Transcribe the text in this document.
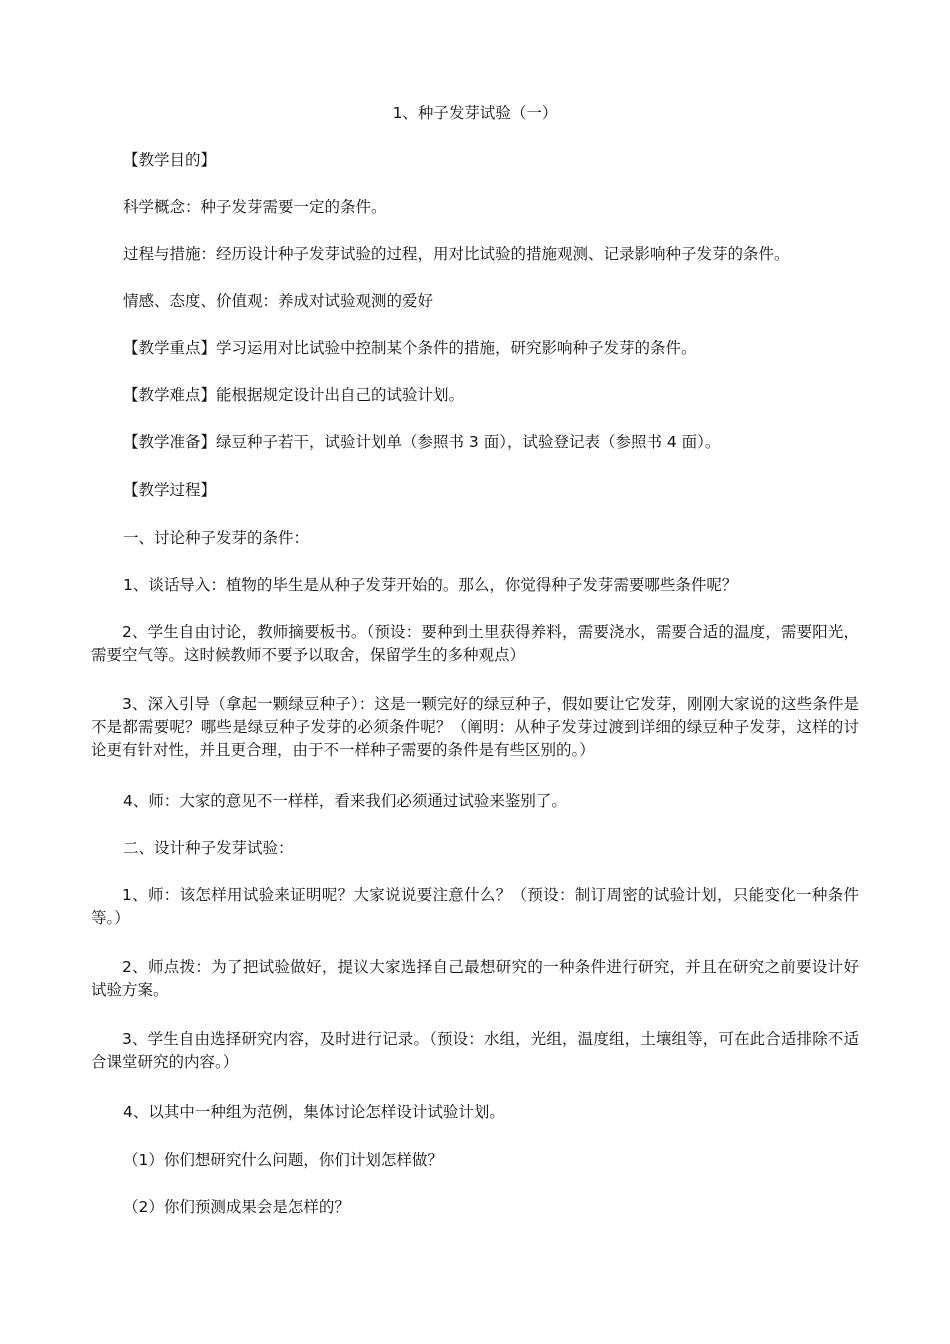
1、种子发芽试验（一）

【教学目的】

科学概念：种子发芽需要一定的条件。

过程与措施：经历设计种子发芽试验的过程，用对比试验的措施观测、记录影响种子发芽的条件。

情感、态度、价值观：养成对试验观测的爱好

【教学重点】学习运用对比试验中控制某个条件的措施，研究影响种子发芽的条件。

【教学难点】能根据规定设计出自己的试验计划。

【教学准备】绿豆种子若干，试验计划单（参照书 3 面），试验登记表（参照书 4 面）。

【教学过程】

一、讨论种子发芽的条件：

1、谈话导入：植物的毕生是从种子发芽开始的。那么，你觉得种子发芽需要哪些条件呢？

2、学生自由讨论，教师摘要板书。（预设：要种到土里获得养料，需要浇水，需要合适的温度，需要阳光，需要空气等。这时候教师不要予以取舍，保留学生的多种观点）

3、深入引导（拿起一颗绿豆种子）：这是一颗完好的绿豆种子，假如要让它发芽，刚刚大家说的这些条件是不是都需要呢？哪些是绿豆种子发芽的必须条件呢？（阐明：从种子发芽过渡到详细的绿豆种子发芽，这样的讨论更有针对性，并且更合理，由于不一样种子需要的条件是有些区别的。）

4、师：大家的意见不一样样，看来我们必须通过试验来鉴别了。

二、设计种子发芽试验：

1、师：该怎样用试验来证明呢？大家说说要注意什么？（预设：制订周密的试验计划，只能变化一种条件等。）

2、师点拨：为了把试验做好，提议大家选择自己最想研究的一种条件进行研究，并且在研究之前要设计好试验方案。

3、学生自由选择研究内容，及时进行记录。（预设：水组，光组，温度组，土壤组等，可在此合适排除不适合课堂研究的内容。）

4、以其中一种组为范例，集体讨论怎样设计试验计划。

（1）你们想研究什么问题，你们计划怎样做？

（2）你们预测成果会是怎样的？
